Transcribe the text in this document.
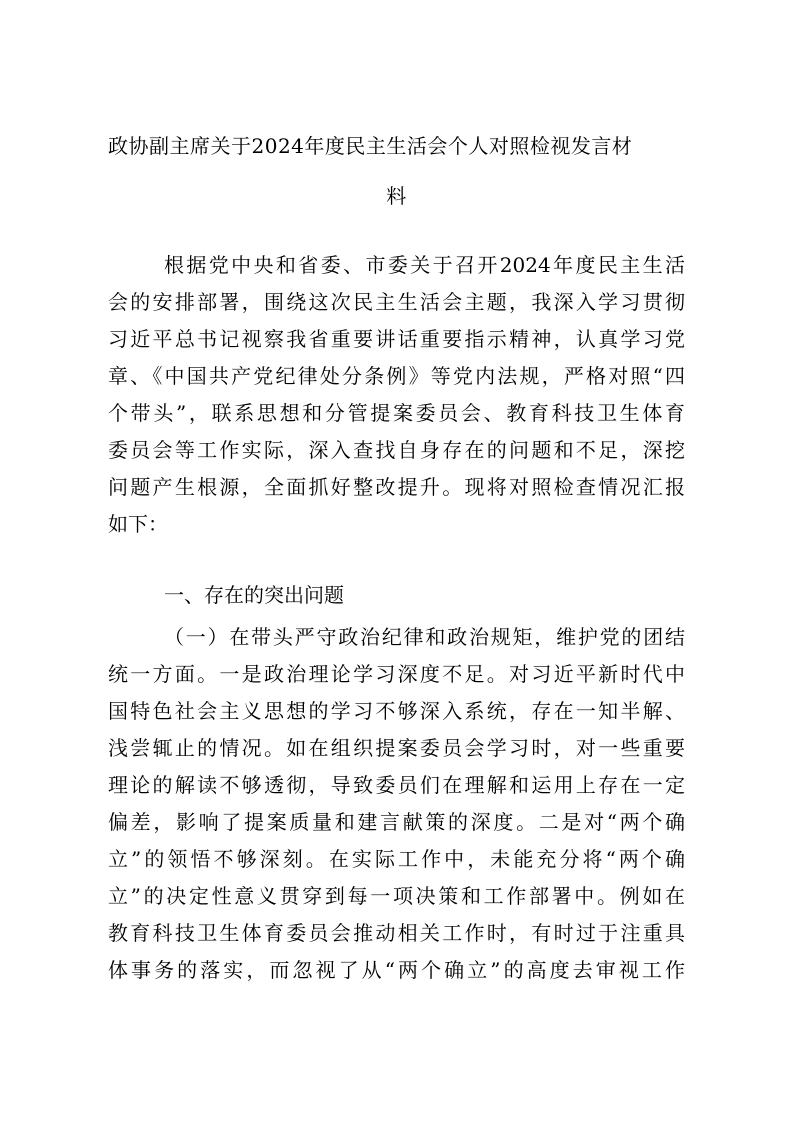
政协副主席关于2024年度民主生活会个人对照检视发言材
料
根据党中央和省委、市委关于召开2024年度民主生活
会的安排部署，围绕这次民主生活会主题，我深入学习贯彻
习近平总书记视察我省重要讲话重要指示精神，认真学习党
章、《中国共产党纪律处分条例》等党内法规，严格对照“四
个带头”，联系思想和分管提案委员会、教育科技卫生体育
委员会等工作实际，深入查找自身存在的问题和不足，深挖
问题产生根源，全面抓好整改提升。现将对照检查情况汇报
如下：
一、存在的突出问题
（一）在带头严守政治纪律和政治规矩，维护党的团结
统一方面。一是政治理论学习深度不足。对习近平新时代中
国特色社会主义思想的学习不够深入系统，存在一知半解、
浅尝辄止的情况。如在组织提案委员会学习时，对一些重要
理论的解读不够透彻，导致委员们在理解和运用上存在一定
偏差，影响了提案质量和建言献策的深度。二是对“两个确
立”的领悟不够深刻。在实际工作中，未能充分将“两个确
立”的决定性意义贯穿到每一项决策和工作部署中。例如在
教育科技卫生体育委员会推动相关工作时，有时过于注重具
体事务的落实，而忽视了从“两个确立”的高度去审视工作
